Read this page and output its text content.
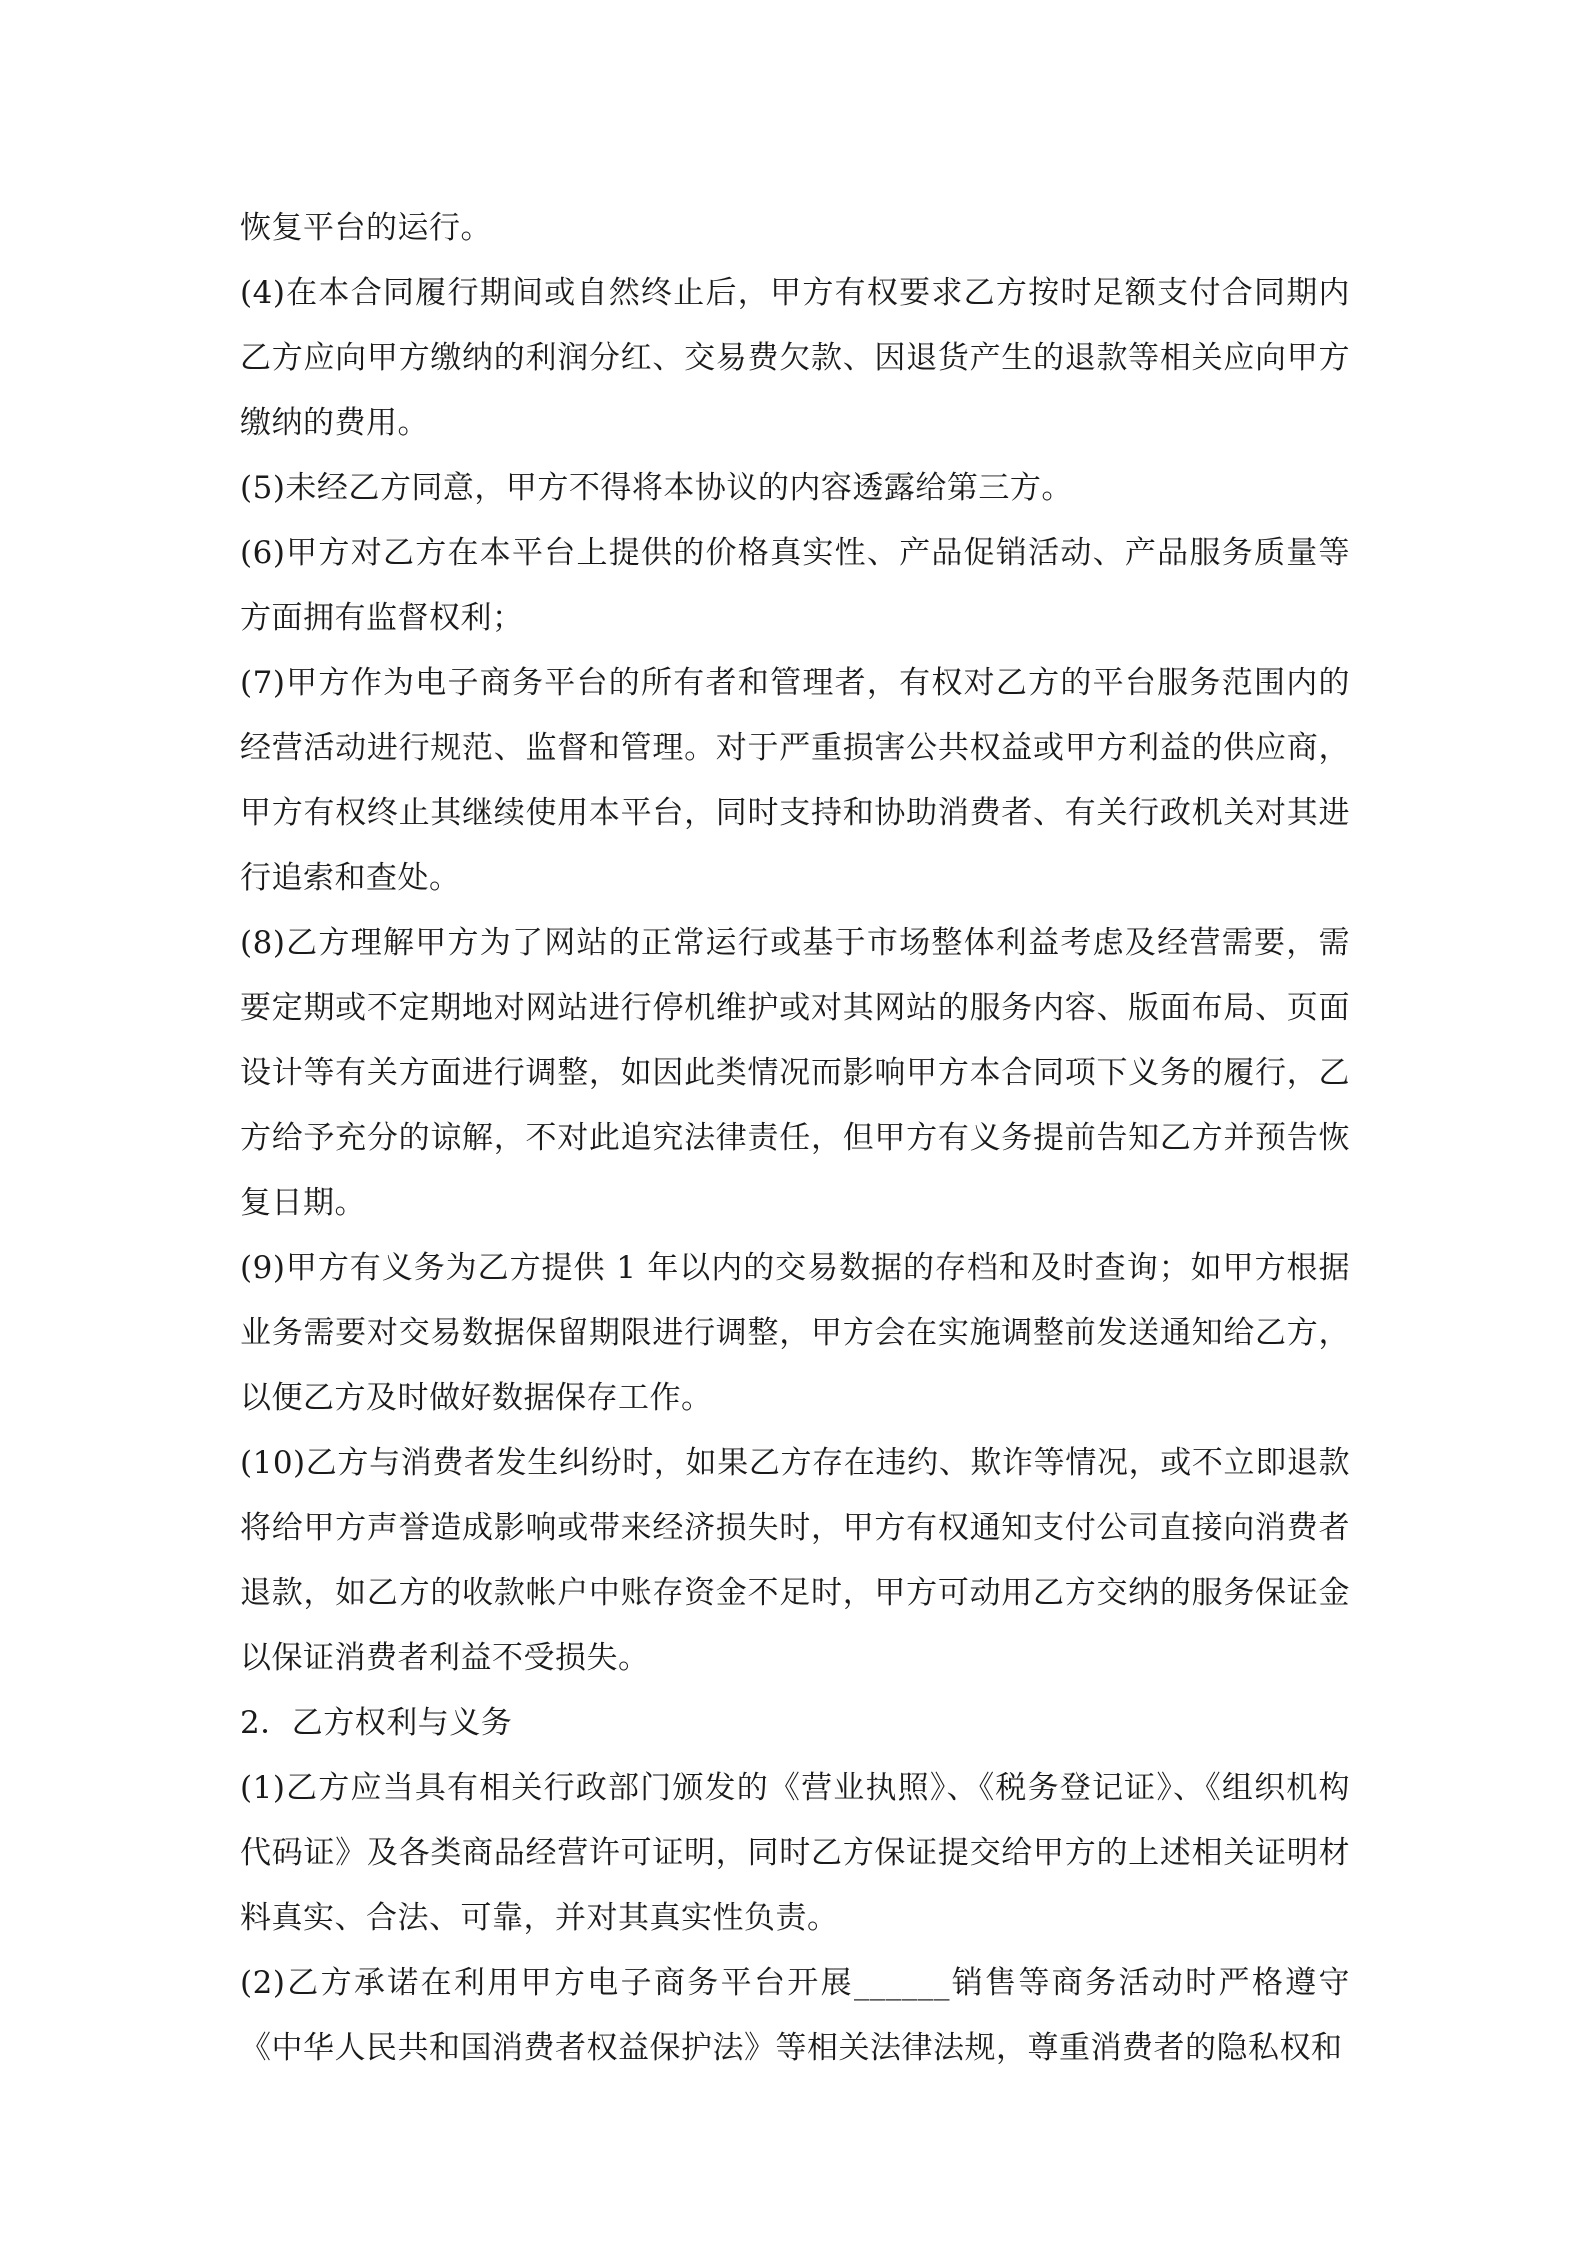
恢复平台的运行。

(4)在本合同履行期间或自然终止后，甲方有权要求乙方按时足额支付合同期内乙方应向甲方缴纳的利润分红、交易费欠款、因退货产生的退款等相关应向甲方缴纳的费用。

(5)未经乙方同意，甲方不得将本协议的内容透露给第三方。

(6)甲方对乙方在本平台上提供的价格真实性、产品促销活动、产品服务质量等方面拥有监督权利；

(7)甲方作为电子商务平台的所有者和管理者，有权对乙方的平台服务范围内的经营活动进行规范、监督和管理。对于严重损害公共权益或甲方利益的供应商，甲方有权终止其继续使用本平台，同时支持和协助消费者、有关行政机关对其进行追索和查处。

(8)乙方理解甲方为了网站的正常运行或基于市场整体利益考虑及经营需要，需要定期或不定期地对网站进行停机维护或对其网站的服务内容、版面布局、页面设计等有关方面进行调整，如因此类情况而影响甲方本合同项下义务的履行，乙方给予充分的谅解，不对此追究法律责任，但甲方有义务提前告知乙方并预告恢复日期。

(9)甲方有义务为乙方提供 1 年以内的交易数据的存档和及时查询；如甲方根据业务需要对交易数据保留期限进行调整，甲方会在实施调整前发送通知给乙方，以便乙方及时做好数据保存工作。

(10)乙方与消费者发生纠纷时，如果乙方存在违约、欺诈等情况，或不立即退款将给甲方声誉造成影响或带来经济损失时，甲方有权通知支付公司直接向消费者退款，如乙方的收款帐户中账存资金不足时，甲方可动用乙方交纳的服务保证金以保证消费者利益不受损失。

2．乙方权利与义务

(1)乙方应当具有相关行政部门颁发的《营业执照》、《税务登记证》、《组织机构代码证》及各类商品经营许可证明，同时乙方保证提交给甲方的上述相关证明材料真实、合法、可靠，并对其真实性负责。

(2)乙方承诺在利用甲方电子商务平台开展______销售等商务活动时严格遵守《中华人民共和国消费者权益保护法》等相关法律法规，尊重消费者的隐私权和
